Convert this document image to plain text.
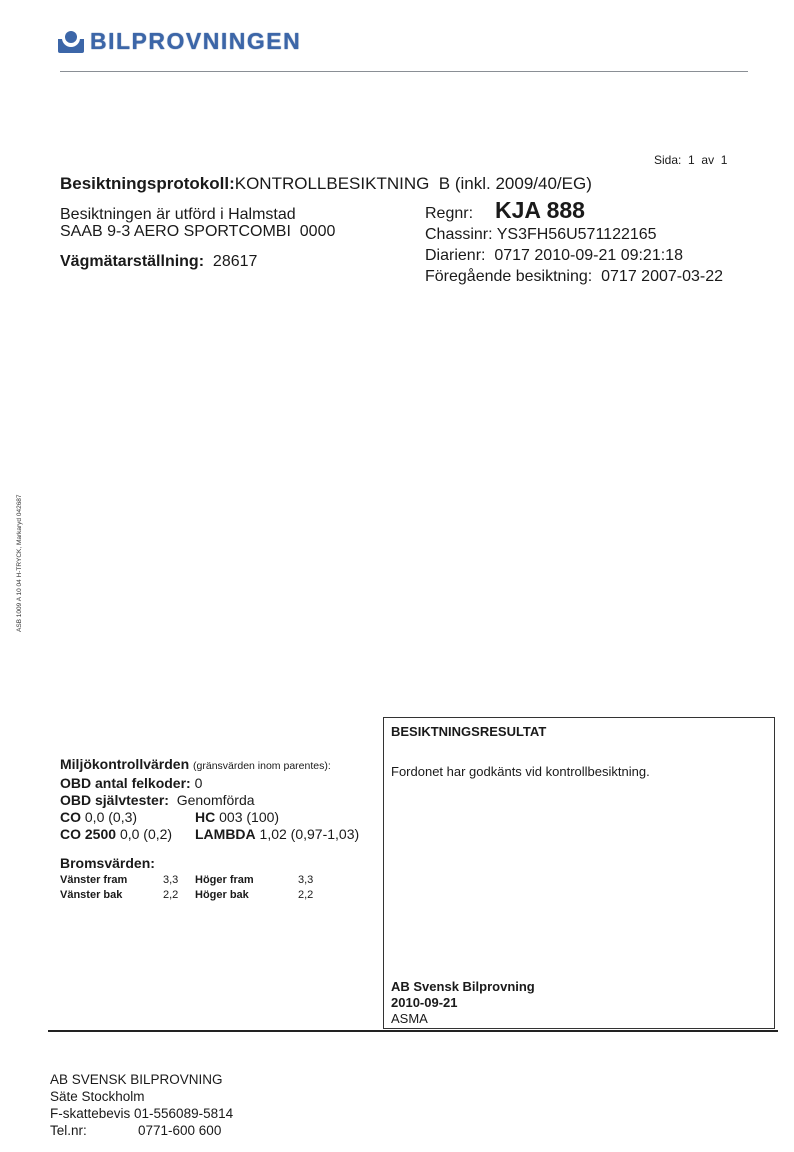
BILPROVNINGEN
Sida: 1 av 1
Besiktningsprotokoll:KONTROLLBESIKTNING  B (inkl. 2009/40/EG)
Besiktningen är utförd i Halmstad
SAAB 9-3 AERO SPORTCOMBI  0000
Vägmätarställning: 28617
Regnr: KJA 888
Chassinr: YS3FH56U571122165
Diarienr: 0717 2010-09-21 09:21:18
Föregående besiktning: 0717 2007-03-22
ASB 1009 A 10 04 H-TRYCK, Markaryd 042687
Miljökontrollvärden (gränsvärden inom parentes):
OBD antal felkoder: 0
OBD självtester: Genomförda
CO 0,0 (0,3)	HC 003 (100)
CO 2500 0,0 (0,2)	LAMBDA 1,02 (0,97-1,03)
Bromsvärden:
Vänster fram	3,3	Höger fram	3,3
Vänster bak	2,2	Höger bak	2,2
BESIKTNINGSRESULTAT
Fordonet har godkänts vid kontrollbesiktning.
AB Svensk Bilprovning
2010-09-21
ASMA
AB SVENSK BILPROVNING
Säte Stockholm
F-skattebevis 01-556089-5814
Tel.nr:	0771-600 600
